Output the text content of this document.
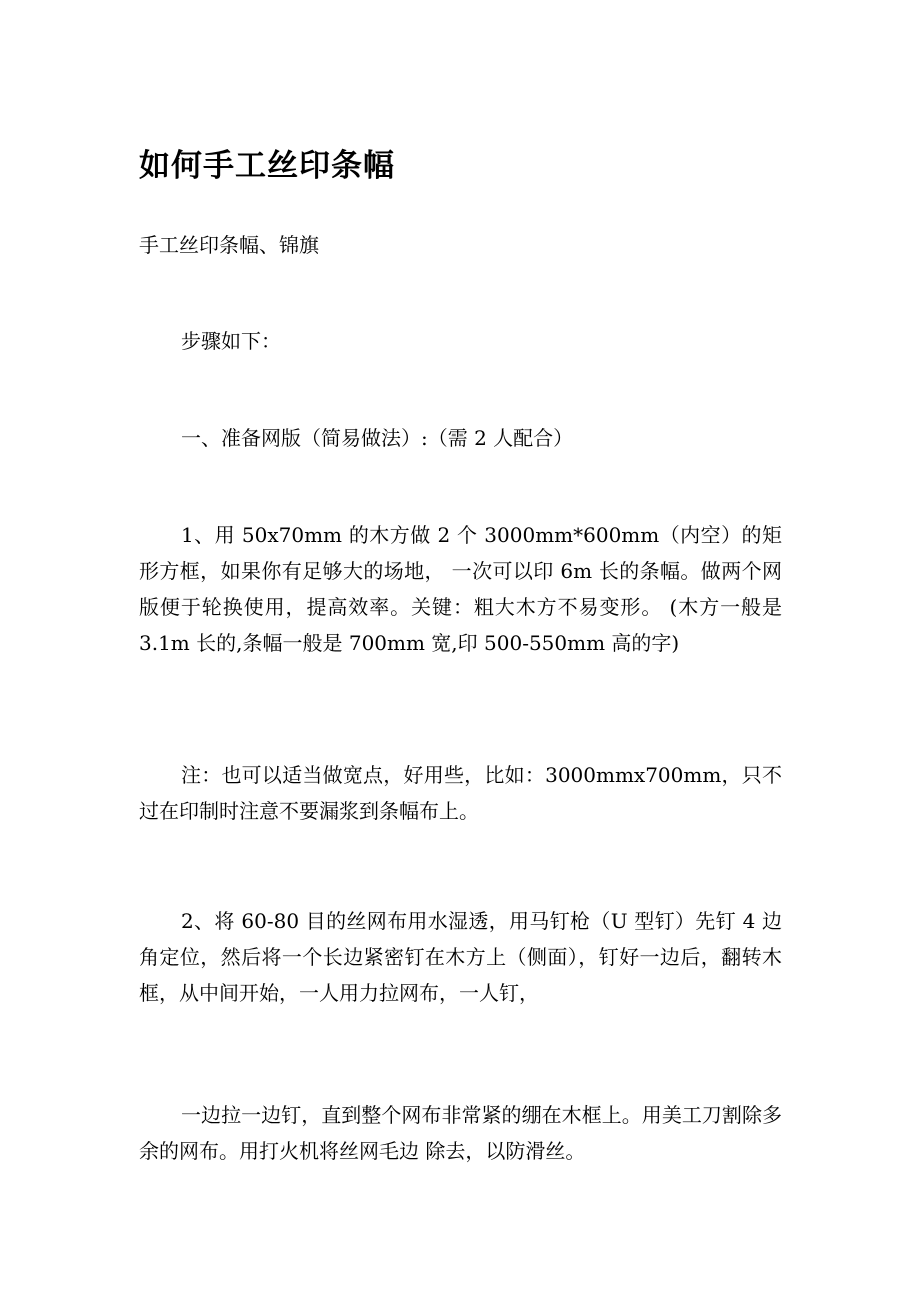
如何手工丝印条幅

手工丝印条幅、锦旗

步骤如下：

一、准备网版（简易做法）:（需 2 人配合）

1、用 50x70mm 的木方做 2 个 3000mm*600mm（内空）的矩形方框，如果你有足够大的场地， 一次可以印 6m 长的条幅。做两个网版便于轮换使用，提高效率。关键：粗大木方不易变形。 (木方一般是 3.1m 长的,条幅一般是 700mm 宽,印 500-550mm 高的字)

注：也可以适当做宽点，好用些，比如：3000mmx700mm，只不过在印制时注意不要漏浆到条幅布上。

2、将 60-80 目的丝网布用水湿透，用马钉枪（U 型钉）先钉 4 边角定位，然后将一个长边紧密钉在木方上（侧面），钉好一边后，翻转木框，从中间开始，一人用力拉网布，一人钉，

一边拉一边钉，直到整个网布非常紧的绷在木框上。用美工刀割除多余的网布。用打火机将丝网毛边 除去，以防滑丝。
